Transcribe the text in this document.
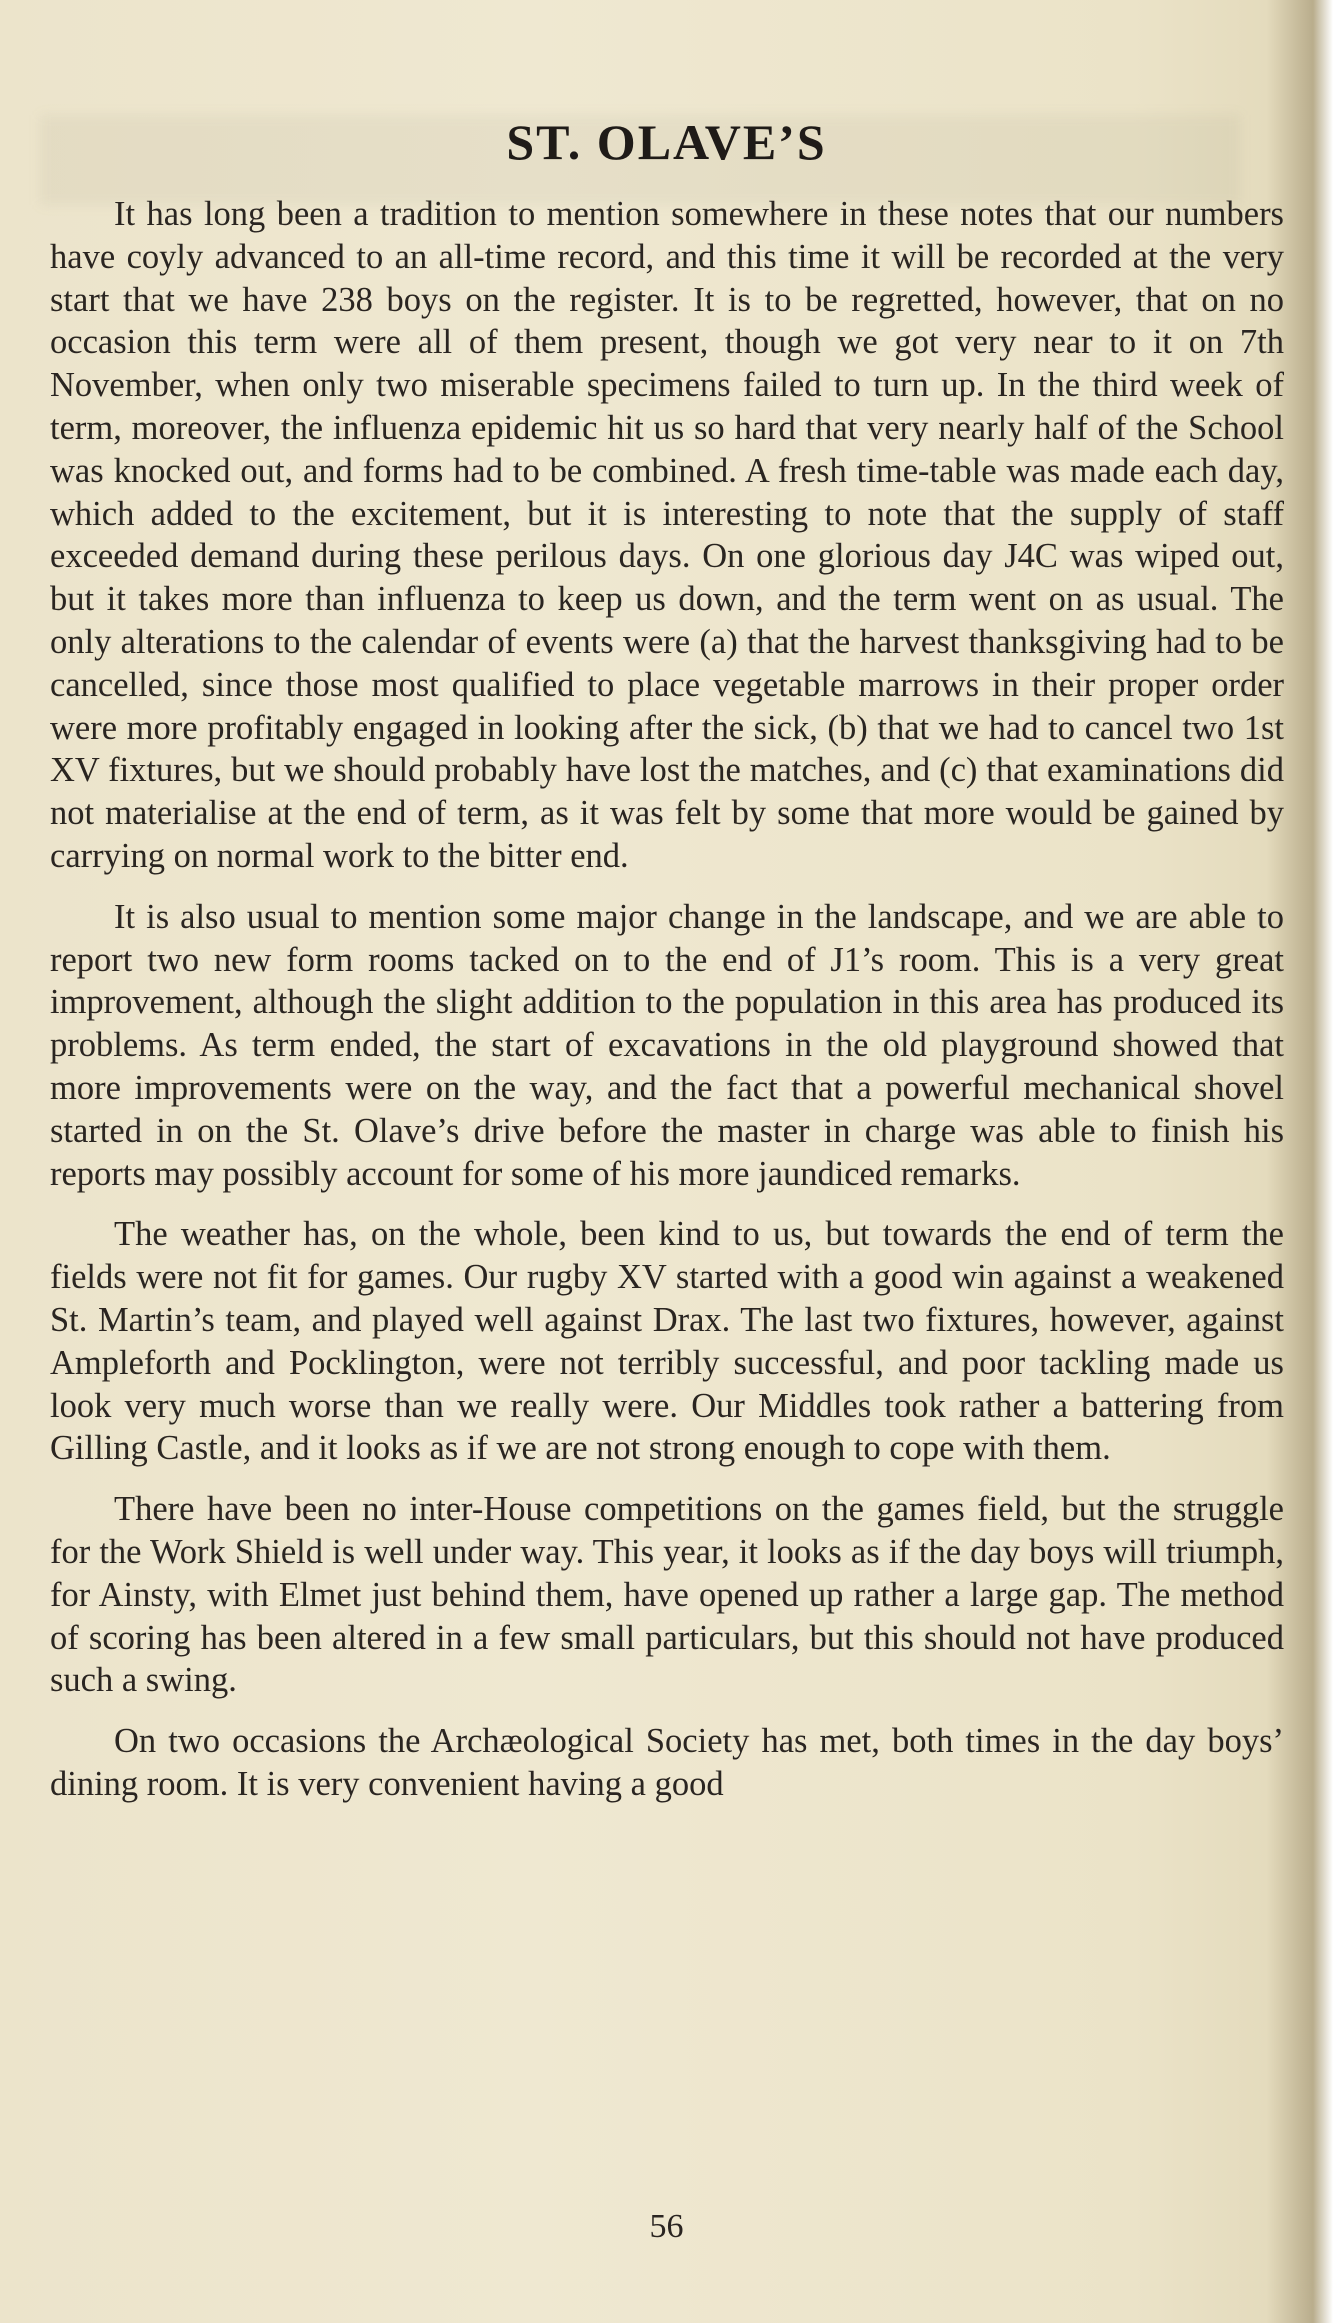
ST. OLAVE’S

It has long been a tradition to mention somewhere in these notes that our numbers have coyly advanced to an all-time record, and this time it will be recorded at the very start that we have 238 boys on the register. It is to be regretted, however, that on no occasion this term were all of them present, though we got very near to it on 7th November, when only two miserable specimens failed to turn up. In the third week of term, moreover, the influenza epidemic hit us so hard that very nearly half of the School was knocked out, and forms had to be combined. A fresh time-table was made each day, which added to the excitement, but it is interesting to note that the supply of staff exceeded demand during these perilous days. On one glorious day J4C was wiped out, but it takes more than influenza to keep us down, and the term went on as usual. The only alterations to the calendar of events were (a) that the harvest thanksgiving had to be cancelled, since those most qualified to place vegetable marrows in their proper order were more profitably engaged in looking after the sick, (b) that we had to cancel two 1st XV fixtures, but we should probably have lost the matches, and (c) that examinations did not materialise at the end of term, as it was felt by some that more would be gained by carrying on normal work to the bitter end.

It is also usual to mention some major change in the landscape, and we are able to report two new form rooms tacked on to the end of J1’s room. This is a very great improvement, although the slight addition to the population in this area has produced its problems. As term ended, the start of excavations in the old playground showed that more improvements were on the way, and the fact that a powerful mechanical shovel started in on the St. Olave’s drive before the master in charge was able to finish his reports may possibly account for some of his more jaundiced remarks.

The weather has, on the whole, been kind to us, but towards the end of term the fields were not fit for games. Our rugby XV started with a good win against a weakened St. Martin’s team, and played well against Drax. The last two fixtures, however, against Ampleforth and Pocklington, were not terribly successful, and poor tackling made us look very much worse than we really were. Our Middles took rather a battering from Gilling Castle, and it looks as if we are not strong enough to cope with them.

There have been no inter-House competitions on the games field, but the struggle for the Work Shield is well under way. This year, it looks as if the day boys will triumph, for Ainsty, with Elmet just behind them, have opened up rather a large gap. The method of scoring has been altered in a few small particulars, but this should not have produced such a swing.

On two occasions the Archæological Society has met, both times in the day boys’ dining room. It is very convenient having a good

56
